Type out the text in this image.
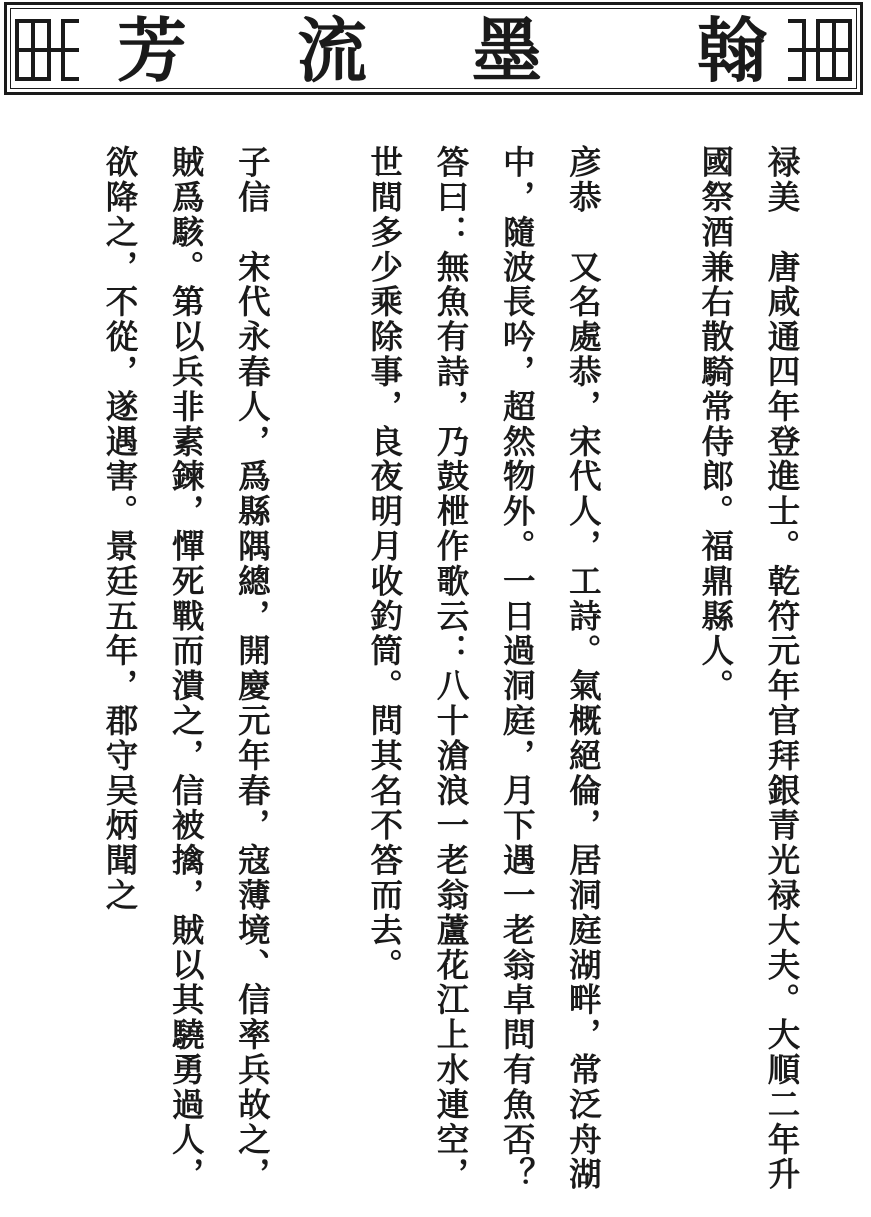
翰
墨
流
芳

禄美　唐咸通四年登進士。乾符元年官拜銀青光禄大夫。大順二年升國祭酒兼右散騎常侍郎。福鼎縣人。

彦恭　又名處恭，宋代人，工詩。氣概絕倫，居洞庭湖畔，常泛舟湖中，隨波長吟，超然物外。一日過洞庭，月下遇一老翁卓問有魚否？答曰：無魚有詩，乃鼓枻作歌云：八十滄浪一老翁蘆花江上水連空，世間多少乘除事，良夜明月收釣筒。問其名不答而去。

子信　宋代永春人，爲縣隅總，開慶元年春，寇薄境、信率兵故之，賊爲駭。第以兵非素鍊，憚死戰而潰之，信被擒，賊以其驍勇過人，欲降之，不從，遂遇害。景廷五年，郡守吴炳聞之
